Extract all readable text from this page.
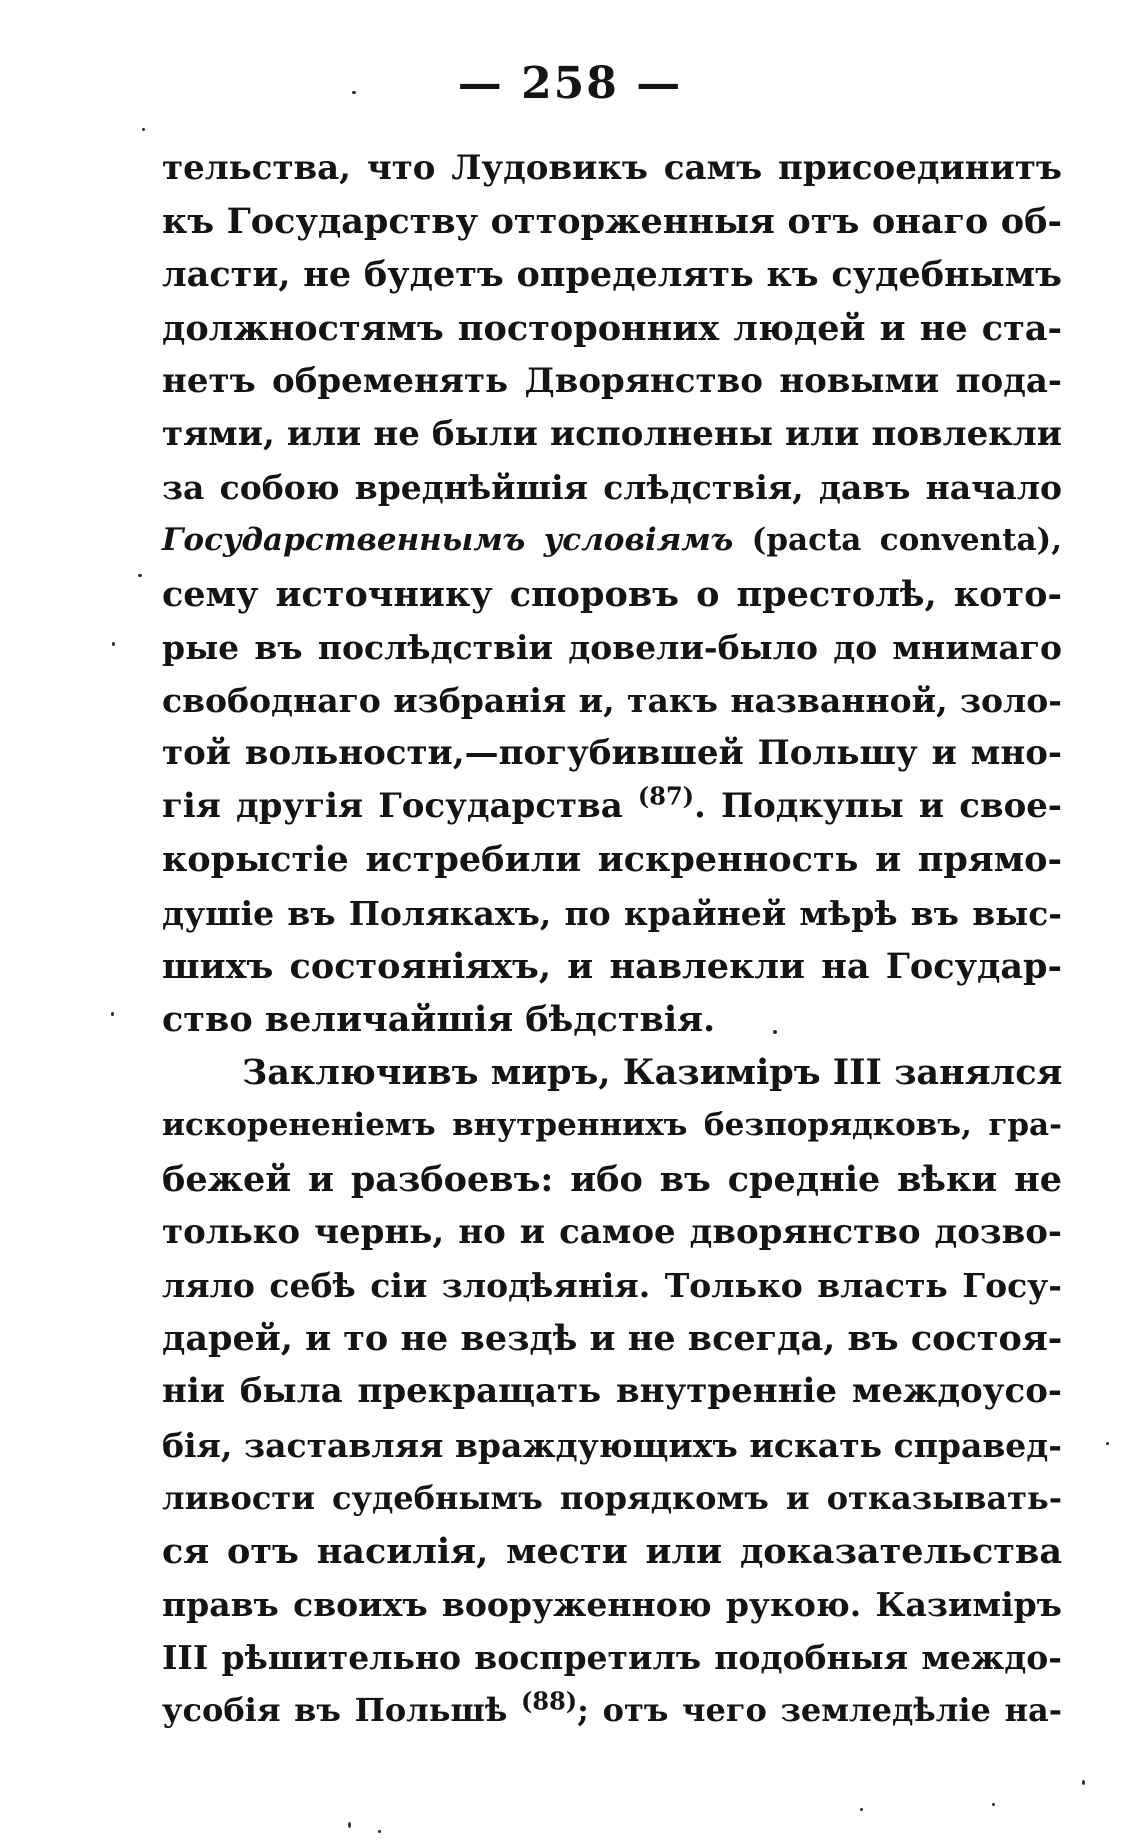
— 258 —
тельства, что Лудовикъ самъ присоединитъ
къ Государству отторженныя отъ онаго об-
ласти, не будетъ определять къ судебнымъ
должностямъ посторонних людей и не ста-
нетъ обременять Дворянство новыми пода-
тями, или не были исполнены или повлекли
за собою вреднѣйшія слѣдствія, давъ начало
Государственнымъ условіямъ (pacta conventa),
сему источнику споровъ о престолѣ, кото-
рые въ послѣдствіи довели-было до мнимаго
свободнаго избранія и, такъ названной, золо-
той вольности,—погубившей Польшу и мно-
гія другія Государства $^{(87)}$. Подкупы и свое-
корыстіе истребили искренность и прямо-
душіе въ Полякахъ, по крайней мѣрѣ въ выс-
шихъ состояніяхъ, и навлекли на Государ-
ство величайшія бѣдствія.
Заключивъ миръ, Казиміръ III занялся
искорененіемъ внутреннихъ безпорядковъ, гра-
бежей и разбоевъ: ибо въ средніе вѣки не
только чернь, но и самое дворянство дозво-
ляло себѣ сіи злодѣянія. Только власть Госу-
дарей, и то не вездѣ и не всегда, въ состоя-
ніи была прекращать внутренніе междоусо-
бія, заставляя враждующихъ искать справед-
ливости судебнымъ порядкомъ и отказывать-
ся отъ насилія, мести или доказательства
правъ своихъ вооруженною рукою. Казиміръ
III рѣшительно воспретилъ подобныя междо-
усобія въ Польшѣ $^{(88)}$; отъ чего земледѣліе на-
